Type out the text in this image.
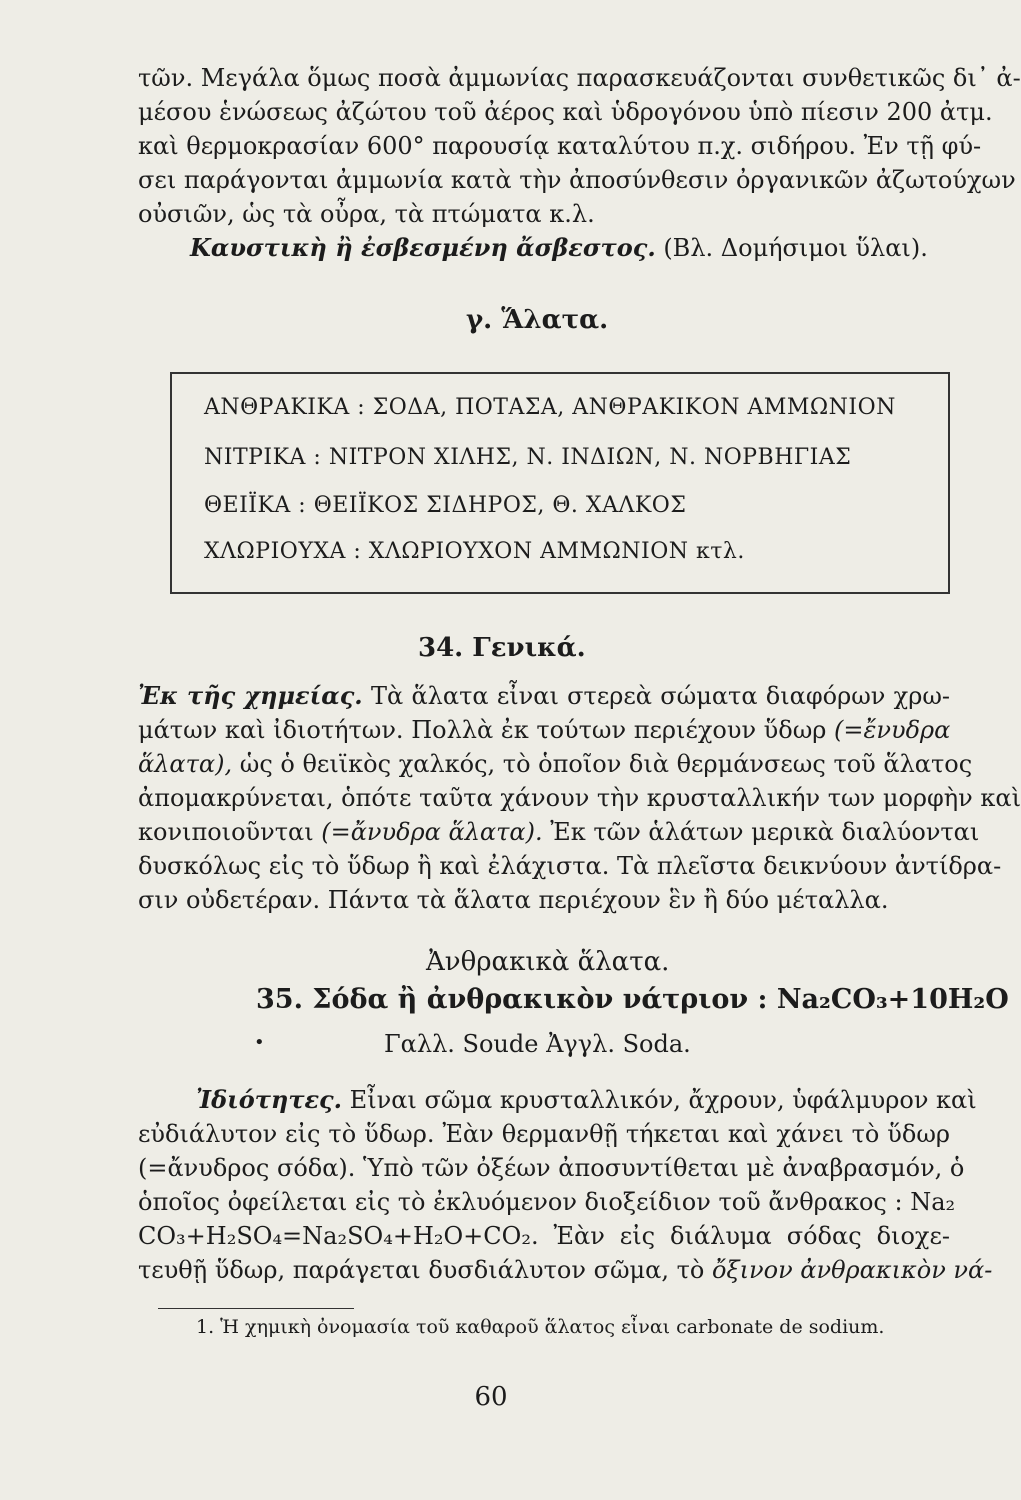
τῶν. Μεγάλα ὅμως ποσὰ ἀμμωνίας παρασκευάζονται συνθετικῶς δι᾽ ἀ-
μέσου ἑνώσεως ἀζώτου τοῦ ἀέρος καὶ ὑδρογόνου ὑπὸ πίεσιν 200 ἀτμ.
καὶ θερμοκρασίαν 600° παρουσίᾳ καταλύτου π.χ. σιδήρου. Ἐν τῇ φύ-
σει παράγονται ἀμμωνία κατὰ τὴν ἀποσύνθεσιν ὀργανικῶν ἀζωτούχων
οὐσιῶν, ὡς τὰ οὖρα, τὰ πτώματα κ.λ.
Καυστικὴ ἢ ἐσβεσμένη ἄσβεστος. (Βλ. Δομήσιμοι ὕλαι).
γ. Ἅλατα.
ΑΝΘΡΑΚΙΚΑ : ΣΟΔΑ, ΠΟΤΑΣΑ, ΑΝΘΡΑΚΙΚΟΝ ΑΜΜΩΝΙΟΝ
ΝΙΤΡΙΚΑ : ΝΙΤΡΟΝ ΧΙΛΗΣ, Ν. ΙΝΔΙΩΝ, Ν. ΝΟΡΒΗΓΙΑΣ
ΘΕΙΪΚΑ : ΘΕΙΪΚΟΣ ΣΙΔΗΡΟΣ, Θ. ΧΑΛΚΟΣ
ΧΛΩΡΙΟΥΧΑ : ΧΛΩΡΙΟΥΧΟΝ ΑΜΜΩΝΙΟΝ κτλ.
34. Γενικά.
Ἐκ τῆς χημείας. Τὰ ἅλατα εἶναι στερεὰ σώματα διαφόρων χρω-
μάτων καὶ ἰδιοτήτων. Πολλὰ ἐκ τούτων περιέχουν ὕδωρ (=ἔνυδρα
ἅλατα), ὡς ὁ θειϊκὸς χαλκός, τὸ ὁποῖον διὰ θερμάνσεως τοῦ ἅλατος
ἀπομακρύνεται, ὁπότε ταῦτα χάνουν τὴν κρυσταλλικήν των μορφὴν καὶ
κονιποιοῦνται (=ἄνυδρα ἅλατα). Ἐκ τῶν ἁλάτων μερικὰ διαλύονται
δυσκόλως εἰς τὸ ὕδωρ ἢ καὶ ἐλάχιστα. Τὰ πλεῖστα δεικνύουν ἀντίδρα-
σιν οὐδετέραν. Πάντα τὰ ἅλατα περιέχουν ἓν ἢ δύο μέταλλα.
Ἀνθρακικὰ ἅλατα.
35. Σόδα ἢ ἀνθρακικὸν νάτριον : Na₂CO₃+10H₂O
•	Γαλλ. Soude Ἀγγλ. Soda.
Ἰδιότητες. Εἶναι σῶμα κρυσταλλικόν, ἄχρουν, ὑφάλμυρον καὶ
εὐδιάλυτον εἰς τὸ ὕδωρ. Ἐὰν θερμανθῇ τήκεται καὶ χάνει τὸ ὕδωρ
(=ἄνυδρος σόδα). Ὑπὸ τῶν ὀξέων ἀποσυντίθεται μὲ ἀναβρασμόν, ὁ
ὁποῖος ὀφείλεται εἰς τὸ ἐκλυόμενον διοξείδιον τοῦ ἄνθρακος : Na₂
CO₃+H₂SO₄=Na₂SO₄+H₂O+CO₂. Ἐὰν εἰς διάλυμα σόδας διοχε-
τευθῇ ὕδωρ, παράγεται δυσδιάλυτον σῶμα, τὸ ὄξινον ἀνθρακικὸν νά-
1. Ἡ χημικὴ ὀνομασία τοῦ καθαροῦ ἅλατος εἶναι carbonate de sodium.
60
